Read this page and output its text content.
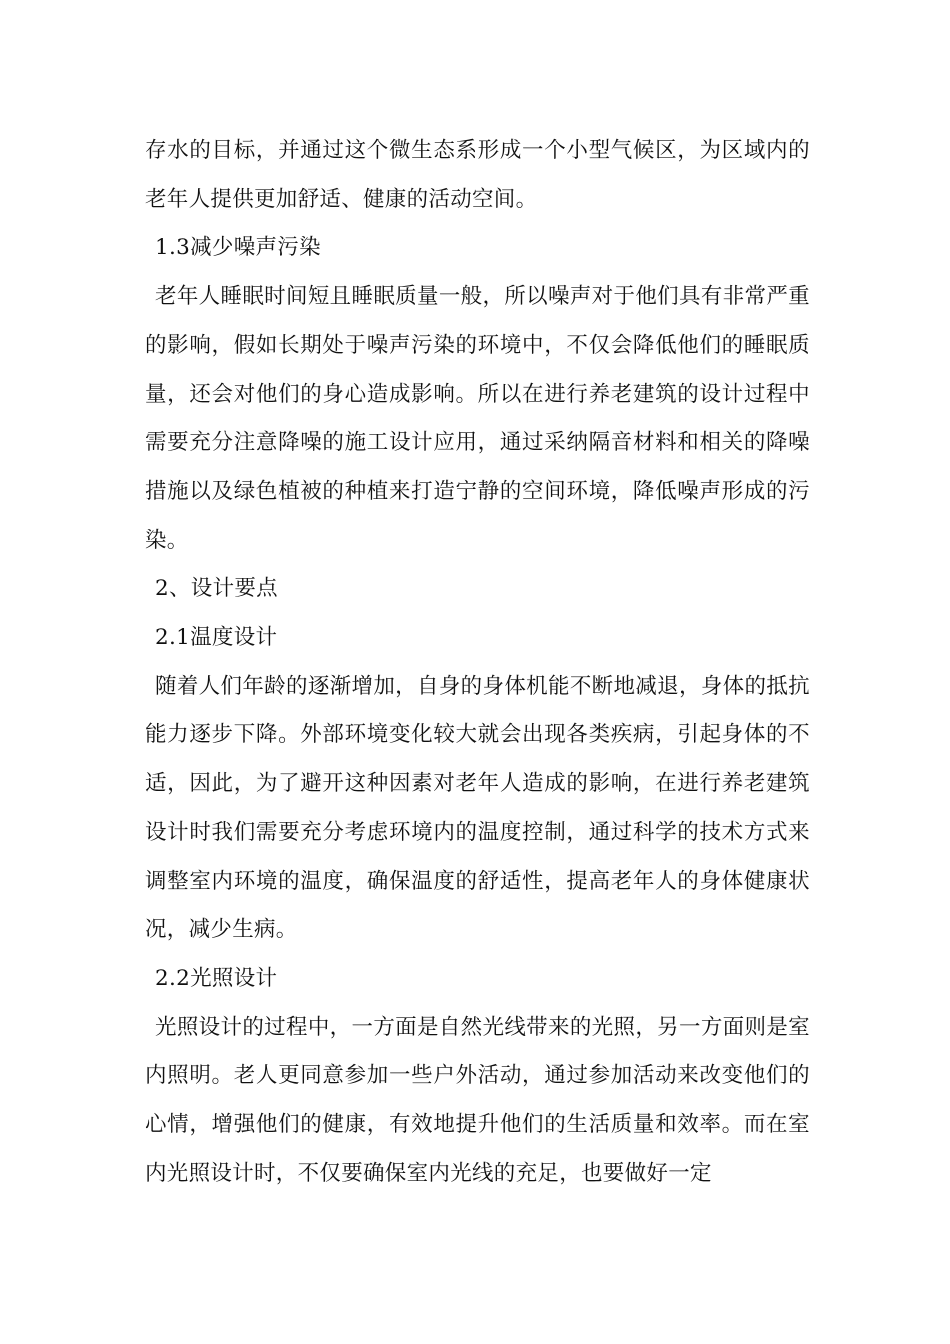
存水的目标，并通过这个微生态系形成一个小型气候区，为区域内的老年人提供更加舒适、健康的活动空间。

1.3减少噪声污染

老年人睡眠时间短且睡眠质量一般，所以噪声对于他们具有非常严重的影响，假如长期处于噪声污染的环境中，不仅会降低他们的睡眠质量，还会对他们的身心造成影响。所以在进行养老建筑的设计过程中需要充分注意降噪的施工设计应用，通过采纳隔音材料和相关的降噪措施以及绿色植被的种植来打造宁静的空间环境，降低噪声形成的污染。

2、设计要点

2.1温度设计

随着人们年龄的逐渐增加，自身的身体机能不断地减退，身体的抵抗能力逐步下降。外部环境变化较大就会出现各类疾病，引起身体的不适，因此，为了避开这种因素对老年人造成的影响，在进行养老建筑设计时我们需要充分考虑环境内的温度控制，通过科学的技术方式来调整室内环境的温度，确保温度的舒适性，提高老年人的身体健康状况，减少生病。

2.2光照设计

光照设计的过程中，一方面是自然光线带来的光照，另一方面则是室内照明。老人更同意参加一些户外活动，通过参加活动来改变他们的心情，增强他们的健康，有效地提升他们的生活质量和效率。而在室内光照设计时，不仅要确保室内光线的充足，也要做好一定
